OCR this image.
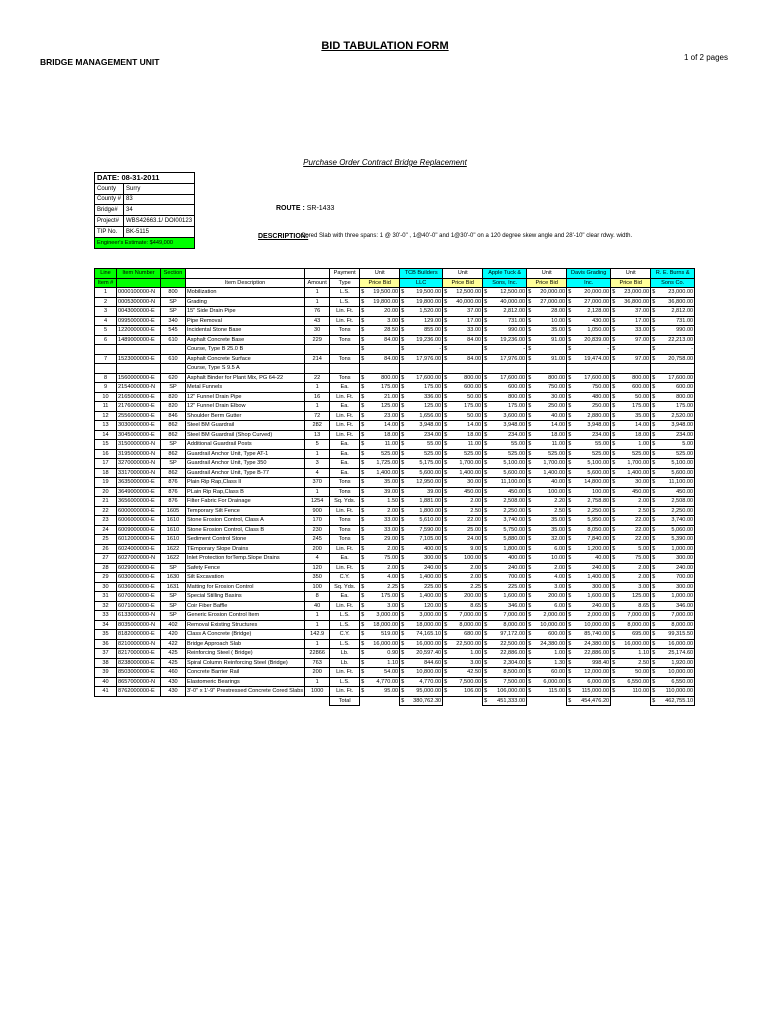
BID TABULATION FORM
BRIDGE MANAGEMENT UNIT	1 of 2 pages
Purchase Order Contract Bridge Replacement
DATE: 08-31-2011	
County	Surry
County #	83
Bridge#	34
Project#	WBS42663.1/ DOI00123
TIP No.	BK-5115
Engineer's Estimate: $449,000	
ROUTE : SR-1433
DESCRIPTION:
Cored Slab with three spans: 1 @ 30'-0" , 1@40'-0" and 1@30'-0" on a 120 degree skew angle and 28'-10" clear rdwy. width.
Line	Item Number	Section			Payment	Unit		TCB Builders		Unit		Apple Tuck &		Unit		Davis Grading		Unit		R. E. Burns &	
Item #			Item Description	Amount	Type	Price Bid		LLC		Price Bid		Sons, Inc.		Price Bid		Inc.		Price Bid		Sons Co.	
1	0000100000-N	800	Mobilization	1	L.S.	$	19,500.00	$	19,500.00	$	12,500.00	$	12,500.00	$	20,000.00	$	20,000.00	$	23,000.00	$	23,000.00
2	0005300000-N	SP	Grading	1	L.S.	$	19,800.00	$	19,800.00	$	40,000.00	$	40,000.00	$	27,000.00	$	27,000.00	$	36,800.00	$	36,800.00
3	0043000000-E	SP	15" Side Drain Pipe	76	Lin. Ft.	$	20.00	$	1,520.00	$	37.00	$	2,812.00	$	28.00	$	2,128.00	$	37.00	$	2,812.00
4	0995000000-E	340	Pipe Removal	43	Lin. Ft.	$	3.00	$	129.00	$	17.00	$	731.00	$	10.00	$	430.00	$	17.00	$	731.00
5	1220000000-E	545	Incidental Stone Base	30	Tons	$	28.50	$	855.00	$	33.00	$	990.00	$	35.00	$	1,050.00	$	33.00	$	990.00
6	1489000000-E	610	Asphalt Concrete Base	229	Tons	$	84.00	$	19,236.00	$	84.00	$	19,236.00	$	91.00	$	20,839.00	$	97.00	$	22,213.00
			Course, Type B 25.0 B			$		$	-	$		$	-	$		$	-	$		$	-
7	1523000000-E	610	Asphalt Concrete Surface	214	Tons	$	84.00	$	17,976.00	$	84.00	$	17,976.00	$	91.00	$	19,474.00	$	97.00	$	20,758.00
			Course, Type S 9.5 A																		
8	1560000000-E	620	Asphalt Binder for Plant Mix, PG 64-22	22	Tons	$	800.00	$	17,600.00	$	800.00	$	17,600.00	$	800.00	$	17,600.00	$	800.00	$	17,600.00
9	2154000000-N	SP	Metal Funnels	1	Ea.	$	175.00	$	175.00	$	600.00	$	600.00	$	750.00	$	750.00	$	600.00	$	600.00
10	2165000000-E	820	12" Funnel Drain Pipe	16	Lin. Ft.	$	21.00	$	336.00	$	50.00	$	800.00	$	30.00	$	480.00	$	50.00	$	800.00
11	2176000000-E	820	12" Funnel Drain Elbow	1	Ea.	$	125.00	$	125.00	$	175.00	$	175.00	$	250.00	$	250.00	$	175.00	$	175.00
12	2556000000-E	846	Shoulder Berm Gutter	72	Lin. Ft.	$	23.00	$	1,656.00	$	50.00	$	3,600.00	$	40.00	$	2,880.00	$	35.00	$	2,520.00
13	3030000000-E	862	Steel BM Guardrail	282	Lin. Ft.	$	14.00	$	3,948.00	$	14.00	$	3,948.00	$	14.00	$	3,948.00	$	14.00	$	3,948.00
14	3045000000-E	862	Steel BM Guardrail (Shop Curved)	13	Lin. Ft.	$	18.00	$	234.00	$	18.00	$	234.00	$	18.00	$	234.00	$	18.00	$	234.00
15	3150000000-N	SP	Additional Guardrail Posts	5	Ea.	$	11.00	$	55.00	$	11.00	$	55.00	$	11.00	$	55.00	$	1.00	$	5.00
16	3195000000-N	862	Guardrail Anchor Unit, Type AT-1	1	Ea.	$	525.00	$	525.00	$	525.00	$	525.00	$	525.00	$	525.00	$	525.00	$	525.00
17	3270000000-N	SP	Guardrail Anchor Unit, Type 350	3	Ea.	$	1,725.00	$	5,175.00	$	1,700.00	$	5,100.00	$	1,700.00	$	5,100.00	$	1,700.00	$	5,100.00
18	3317000000-N	862	Guardrail Anchor Unit, Type B-77	4	Ea.	$	1,400.00	$	5,600.00	$	1,400.00	$	5,600.00	$	1,400.00	$	5,600.00	$	1,400.00	$	5,600.00
19	3635000000-E	876	Plain Rip Rap,Class II	370	Tons	$	35.00	$	12,950.00	$	30.00	$	11,100.00	$	40.00	$	14,800.00	$	30.00	$	11,100.00
20	3649000000-E	876	PLain Rip Rap,Class B	1	Tons	$	39.00	$	39.00	$	450.00	$	450.00	$	100.00	$	100.00	$	450.00	$	450.00
21	3656000000-E	876	Filter Fabric For Drainage	1254	Sq. Yds.	$	1.50	$	1,881.00	$	2.00	$	2,508.00	$	2.20	$	2,758.80	$	2.00	$	2,508.00
22	6000000000-E	1605	Temporary Silt Fence	900	Lin. Ft.	$	2.00	$	1,800.00	$	2.50	$	2,250.00	$	2.50	$	2,250.00	$	2.50	$	2,250.00
23	6006000000-E	1610	Stone Erosion Control, Class A	170	Tons	$	33.00	$	5,610.00	$	22.00	$	3,740.00	$	35.00	$	5,950.00	$	22.00	$	3,740.00
24	6009000000-E	1610	Stone Erosion Control, Class B	230	Tons	$	33.00	$	7,590.00	$	25.00	$	5,750.00	$	35.00	$	8,050.00	$	22.00	$	5,060.00
25	6012000000-E	1610	Sediment Control Stone	245	Tons	$	29.00	$	7,105.00	$	24.00	$	5,880.00	$	32.00	$	7,840.00	$	22.00	$	5,390.00
26	6024000000-E	1622	TEmporary Slope Drains	200	Lin. Ft.	$	2.00	$	400.00	$	9.00	$	1,800.00	$	6.00	$	1,200.00	$	5.00	$	1,000.00
27	6027000000-N	1622	Inlet Protection forTemp.Slope Drains	4	Ea.	$	75.00	$	300.00	$	100.00	$	400.00	$	10.00	$	40.00	$	75.00	$	300.00
28	6029000000-E	SP	Safety Fence	120	Lin. Ft.	$	2.00	$	240.00	$	2.00	$	240.00	$	2.00	$	240.00	$	2.00	$	240.00
29	6030000000-E	1630	Silt Excavation	350	C.Y.	$	4.00	$	1,400.00	$	2.00	$	700.00	$	4.00	$	1,400.00	$	2.00	$	700.00
30	6036000000-E	1631	Matting for Erosion Control	100	Sq. Yds.	$	2.25	$	225.00	$	2.25	$	225.00	$	3.00	$	300.00	$	3.00	$	300.00
31	6070000000-E	SP	Special Stilling Basins	8	Ea.	$	175.00	$	1,400.00	$	200.00	$	1,600.00	$	200.00	$	1,600.00	$	125.00	$	1,000.00
32	6071000000-E	SP	Coir Fiber Baffle	40	Lin. Ft.	$	3.00	$	120.00	$	8.65	$	346.00	$	6.00	$	240.00	$	8.65	$	346.00
33	6133000000-N	SP	Generic Erosion Control Item	1	L.S.	$	3,000.00	$	3,000.00	$	7,000.00	$	7,000.00	$	2,000.00	$	2,000.00	$	7,000.00	$	7,000.00
34	8035000000-N	402	Removal Existing Structures	1	L.S.	$	18,000.00	$	18,000.00	$	8,000.00	$	8,000.00	$	10,000.00	$	10,000.00	$	8,000.00	$	8,000.00
35	8182000000-E	420	Class A Concrete (Bridge)	142.9	C.Y.	$	519.00	$	74,165.10	$	680.00	$	97,172.00	$	600.00	$	85,740.00	$	695.00	$	99,315.50
36	8210000000-N	422	Bridge Approach Slab	1	L.S.	$	16,000.00	$	16,000.00	$	22,500.00	$	22,500.00	$	24,380.00	$	24,380.00	$	16,000.00	$	16,000.00
37	8217000000-E	425	Reinforcing Steel ( Bridge)	22866	Lb.	$	0.90	$	20,597.40	$	1.00	$	22,886.00	$	1.00	$	22,886.00	$	1.10	$	25,174.60
38	8238000000-E	425	Spiral Column Reinforcing Steel (Bridge)	763	Lb.	$	1.10	$	844.60	$	3.00	$	2,304.00	$	1.30	$	998.40	$	2.50	$	1,920.00
39	8503000000-E	460	Concrete Barrier Rail	200	Lin. Ft.	$	54.00	$	10,800.00	$	42.50	$	8,500.00	$	60.00	$	12,000.00	$	50.00	$	10,000.00
40	8657000000-N	430	Elastomeric Bearings	1	L.S.	$	4,770.00	$	4,770.00	$	7,500.00	$	7,500.00	$	6,000.00	$	6,000.00	$	6,550.00	$	6,550.00
41	8762000000-E	430	3'-0" x 1'-9" Prestressed Concrete Cored Slabs	1000	Lin. Ft.	$	95.00	$	95,000.00	$	106.00	$	106,000.00	$	115.00	$	115,000.00	$	110.00	$	110,000.00
					Total			$	380,762.30			$	451,333.00			$	454,476.20			$	462,755.10
